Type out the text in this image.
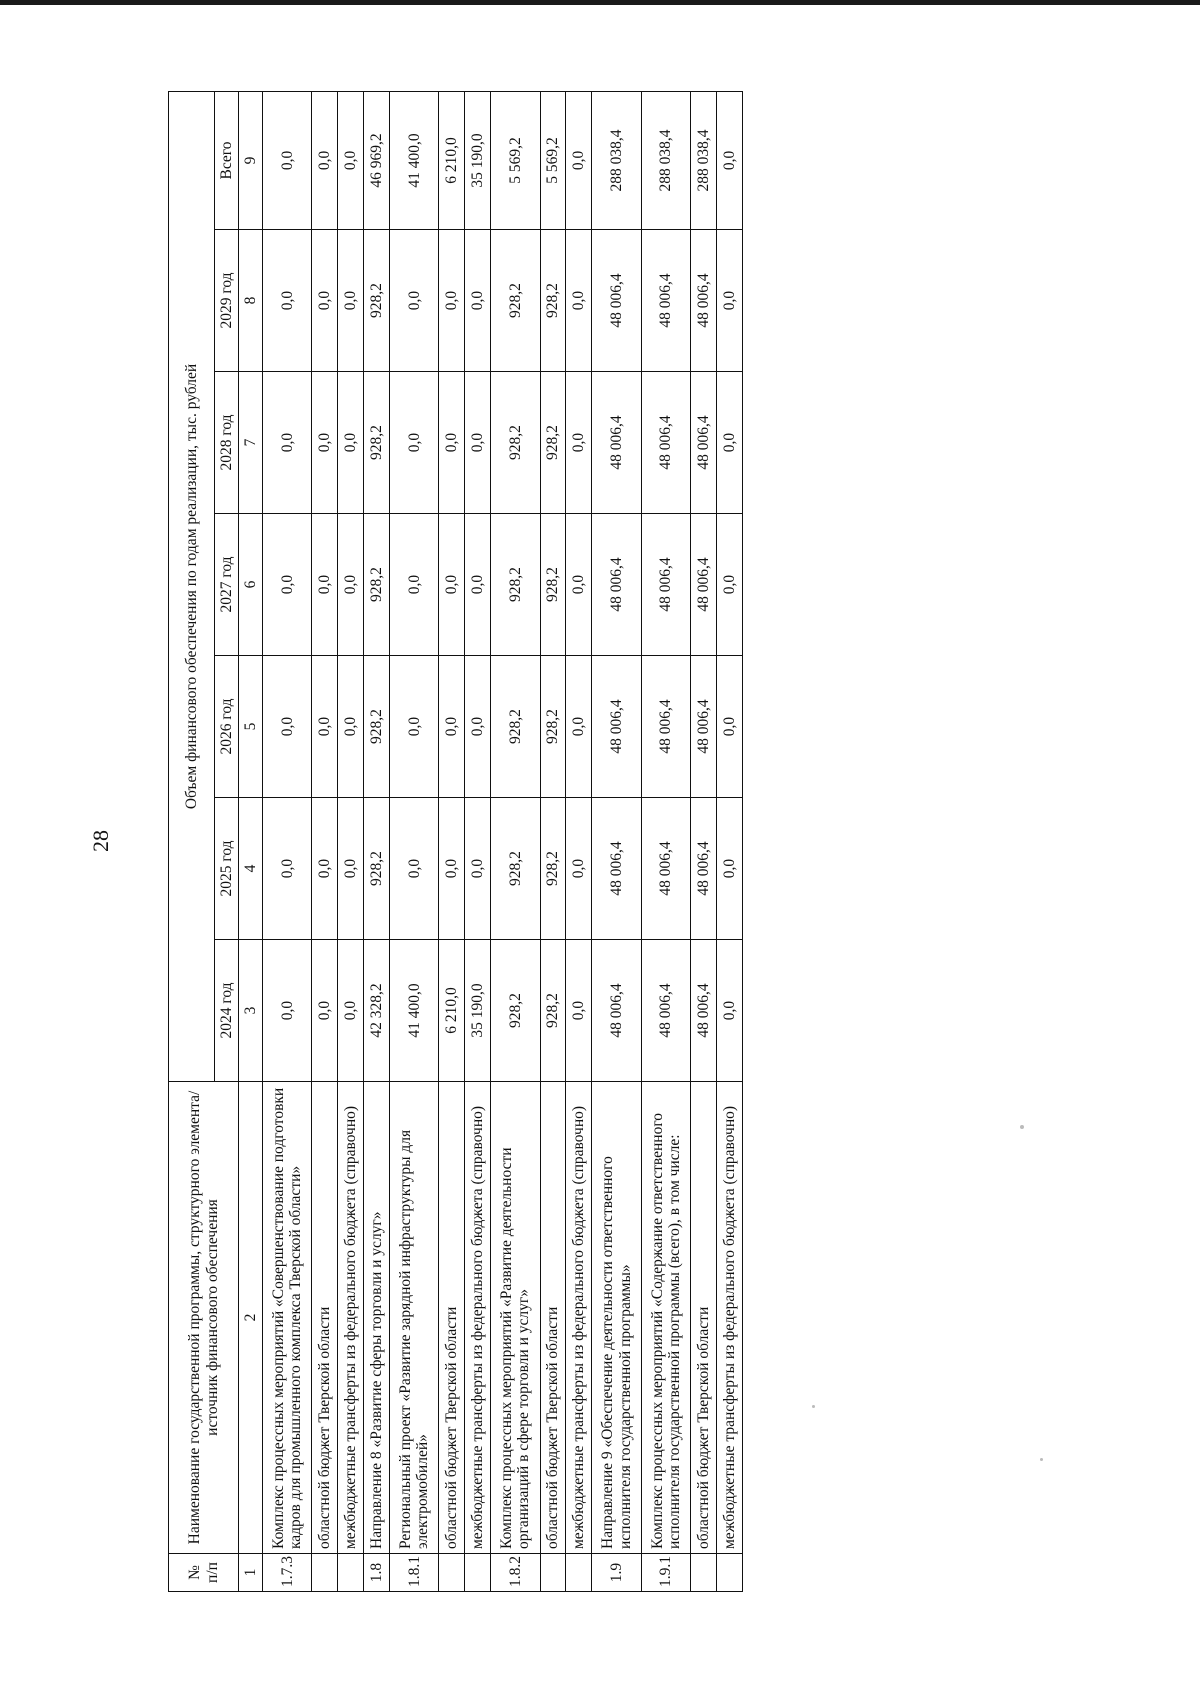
28
№ п/п	Наименование государственной программы, структурного элемента/источник финансового обеспечения	Объем финансового обеспечения по годам реализации, тыс. рублей						
		2024 год	2025 год	2026 год	2027 год	2028 год	2029 год	Всего
1	2	3	4	5	6	7	8	9
1.7.3	Комплекс процессных мероприятий «Совершенствование подготовки кадров для промышленного комплекса Тверской области»	0,0	0,0	0,0	0,0	0,0	0,0	0,0
	областной бюджет Тверской области	0,0	0,0	0,0	0,0	0,0	0,0	0,0
	межбюджетные трансферты из федерального бюджета (справочно)	0,0	0,0	0,0	0,0	0,0	0,0	0,0
1.8	Направление 8 «Развитие сферы торговли и услуг»	42 328,2	928,2	928,2	928,2	928,2	928,2	46 969,2
1.8.1	Региональный проект «Развитие зарядной инфраструктуры для электромобилей»	41 400,0	0,0	0,0	0,0	0,0	0,0	41 400,0
	областной бюджет Тверской области	6 210,0	0,0	0,0	0,0	0,0	0,0	6 210,0
	межбюджетные трансферты из федерального бюджета (справочно)	35 190,0	0,0	0,0	0,0	0,0	0,0	35 190,0
1.8.2	Комплекс процессных мероприятий «Развитие деятельности организаций в сфере торговли и услуг»	928,2	928,2	928,2	928,2	928,2	928,2	5 569,2
	областной бюджет Тверской области	928,2	928,2	928,2	928,2	928,2	928,2	5 569,2
	межбюджетные трансферты из федерального бюджета (справочно)	0,0	0,0	0,0	0,0	0,0	0,0	0,0
1.9	Направление 9 «Обеспечение деятельности ответственного исполнителя государственной программы»	48 006,4	48 006,4	48 006,4	48 006,4	48 006,4	48 006,4	288 038,4
1.9.1	Комплекс процессных мероприятий «Содержание ответственного исполнителя государственной программы (всего), в том числе:	48 006,4	48 006,4	48 006,4	48 006,4	48 006,4	48 006,4	288 038,4
	областной бюджет Тверской области	48 006,4	48 006,4	48 006,4	48 006,4	48 006,4	48 006,4	288 038,4
	межбюджетные трансферты из федерального бюджета (справочно)	0,0	0,0	0,0	0,0	0,0	0,0	0,0
